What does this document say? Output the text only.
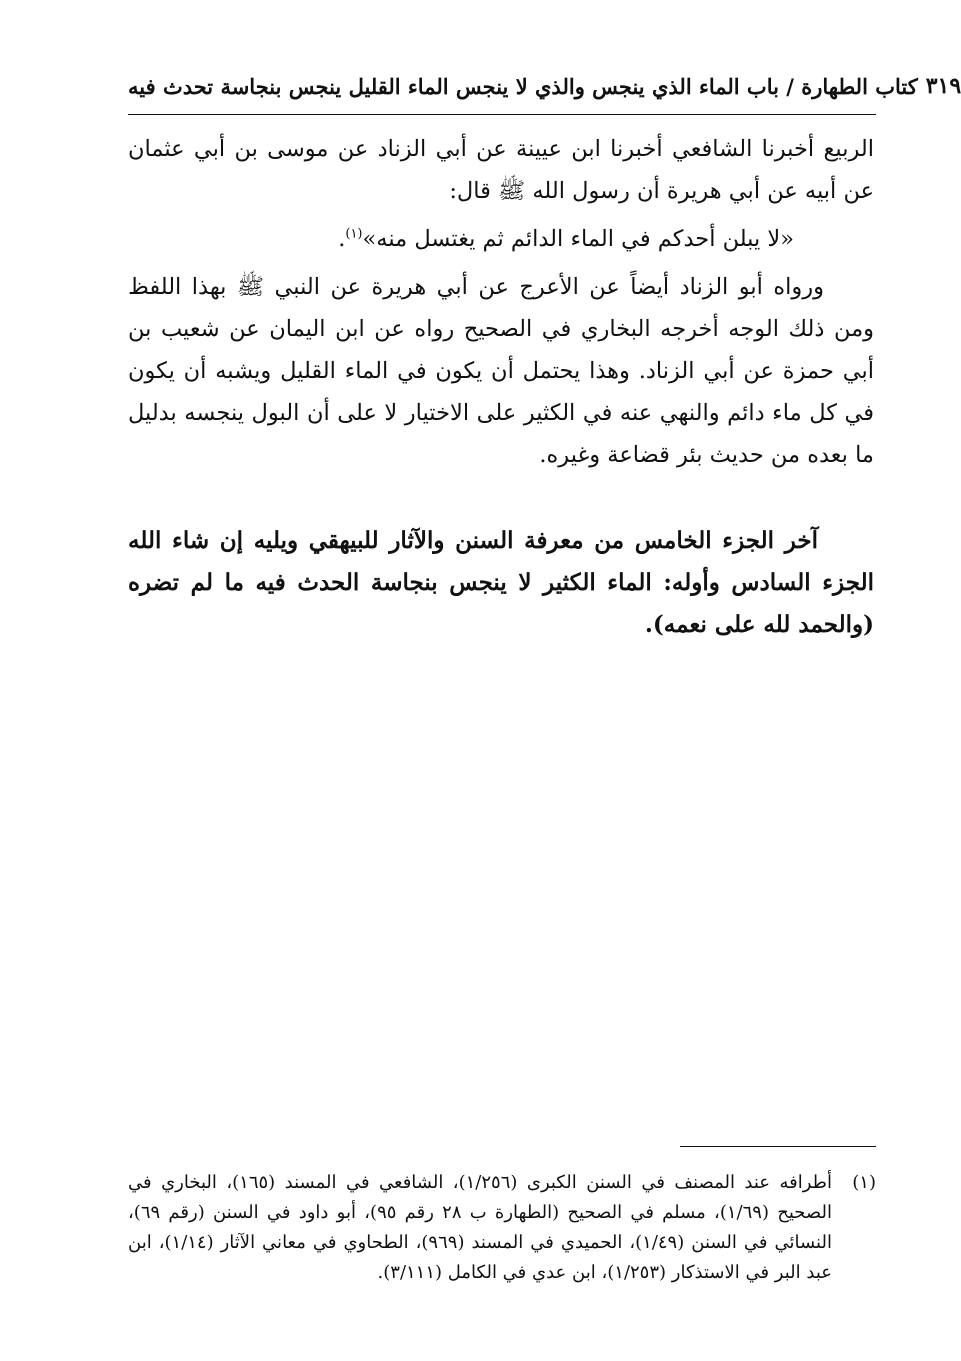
كتاب الطهارة / باب الماء الذي ينجس والذي لا ينجس الماء القليل ينجس بنجاسة تحدث فيه ٣١٩

الربيع أخبرنا الشافعي أخبرنا ابن عيينة عن أبي الزناد عن موسى بن أبي عثمان عن أبيه عن أبي هريرة أن رسول الله ﷺ قال:

«لا يبلن أحدكم في الماء الدائم ثم يغتسل منه»$^{(١)}$.

ورواه أبو الزناد أيضاً عن الأعرج عن أبي هريرة عن النبي ﷺ بهذا اللفظ ومن ذلك الوجه أخرجه البخاري في الصحيح رواه عن ابن اليمان عن شعيب بن أبي حمزة عن أبي الزناد. وهذا يحتمل أن يكون في الماء القليل ويشبه أن يكون في كل ماء دائم والنهي عنه في الكثير على الاختيار لا على أن البول ينجسه بدليل ما بعده من حديث بئر قضاعة وغيره.

آخر الجزء الخامس من معرفة السنن والآثار للبيهقي ويليه إن شاء الله الجزء السادس وأوله: الماء الكثير لا ينجس بنجاسة الحدث فيه ما لم تضره (والحمد لله على نعمه).

(١)
أطرافه عند المصنف في السنن الكبرى (١/٢٥٦)، الشافعي في المسند (١٦٥)، البخاري في الصحيح (١/٦٩)، مسلم في الصحيح (الطهارة ب ٢٨ رقم ٩٥)، أبو داود في السنن (رقم ٦٩)، النسائي في السنن (١/٤٩)، الحميدي في المسند (٩٦٩)، الطحاوي في معاني الآثار (١/١٤)، ابن عبد البر في الاستذكار (١/٢٥٣)، ابن عدي في الكامل (٣/١١١).
